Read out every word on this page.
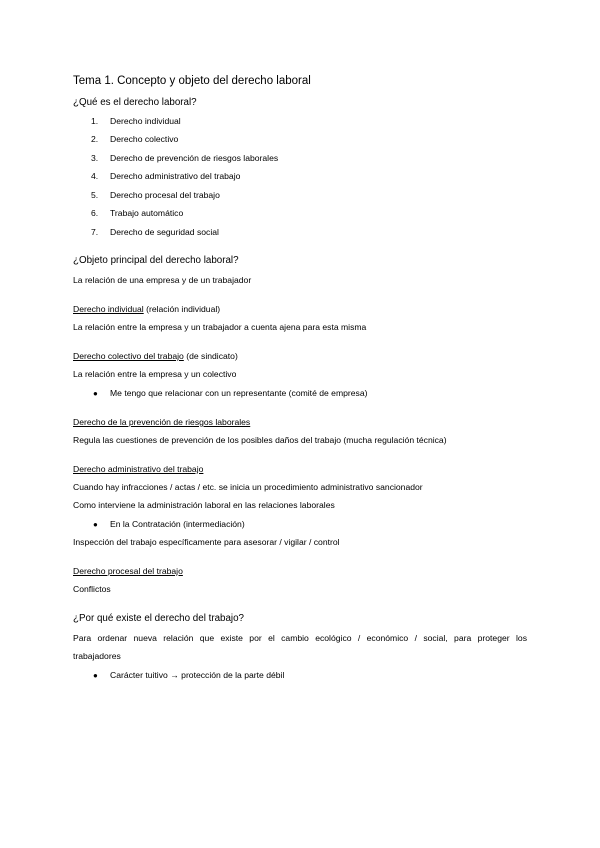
Tema 1. Concepto y objeto del derecho laboral
¿Qué es el derecho laboral?
1. Derecho individual
2. Derecho colectivo
3. Derecho de prevención de riesgos laborales
4. Derecho administrativo del trabajo
5. Derecho procesal del trabajo
6. Trabajo automático
7. Derecho de seguridad social
¿Objeto principal del derecho laboral?
La relación de una empresa y de un trabajador
Derecho individual (relación individual)
La relación entre la empresa y un trabajador a cuenta ajena para esta misma
Derecho colectivo del trabajo (de sindicato)
La relación entre la empresa y un colectivo
● Me tengo que relacionar con un representante (comité de empresa)
Derecho de la prevención de riesgos laborales
Regula las cuestiones de prevención de los posibles daños del trabajo (mucha regulación técnica)
Derecho administrativo del trabajo
Cuando hay infracciones / actas / etc. se inicia un procedimiento administrativo sancionador
Como interviene la administración laboral en las relaciones laborales
● En la Contratación (intermediación)
Inspección del trabajo específicamente para asesorar / vigilar / control
Derecho procesal del trabajo
Conflictos
¿Por qué existe el derecho del trabajo?
Para ordenar nueva relación que existe por el cambio ecológico / económico / social, para proteger los
trabajadores
● Carácter tuitivo → protección de la parte débil
